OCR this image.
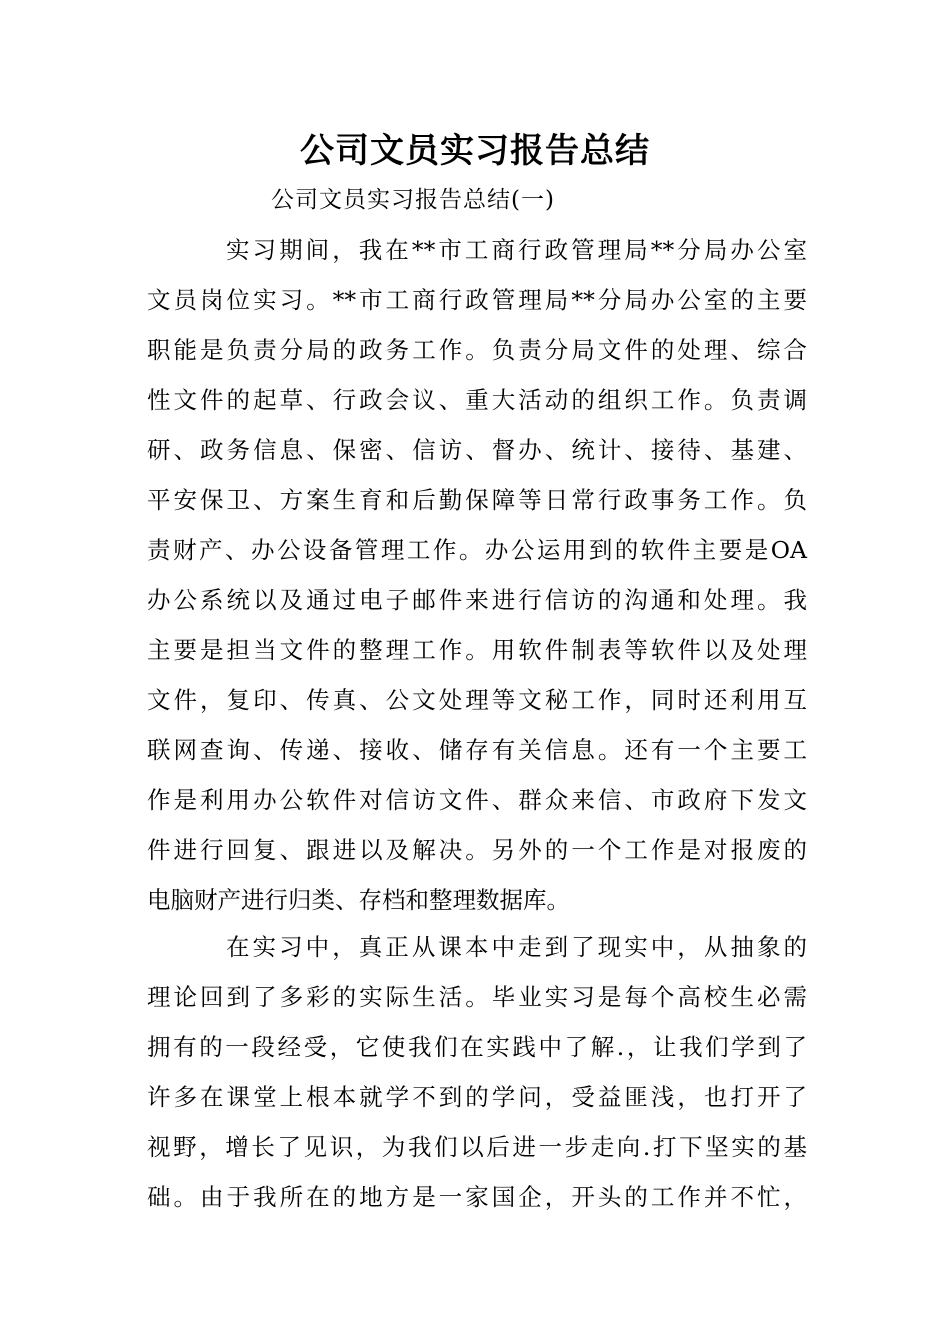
公司文员实习报告总结
公司文员实习报告总结(一)
实习期间，我在**市工商行政管理局**分局办公室
文员岗位实习。**市工商行政管理局**分局办公室的主要
职能是负责分局的政务工作。负责分局文件的处理、综合
性文件的起草、行政会议、重大活动的组织工作。负责调
研、政务信息、保密、信访、督办、统计、接待、基建、
平安保卫、方案生育和后勤保障等日常行政事务工作。负
责财产、办公设备管理工作。办公运用到的软件主要是OA
办公系统以及通过电子邮件来进行信访的沟通和处理。我
主要是担当文件的整理工作。用软件制表等软件以及处理
文件，复印、传真、公文处理等文秘工作，同时还利用互
联网查询、传递、接收、储存有关信息。还有一个主要工
作是利用办公软件对信访文件、群众来信、市政府下发文
件进行回复、跟进以及解决。另外的一个工作是对报废的
电脑财产进行归类、存档和整理数据库。
在实习中，真正从课本中走到了现实中，从抽象的
理论回到了多彩的实际生活。毕业实习是每个高校生必需
拥有的一段经受，它使我们在实践中了解.，让我们学到了
许多在课堂上根本就学不到的学问，受益匪浅，也打开了
视野，增长了见识，为我们以后进一步走向.打下坚实的基
础。由于我所在的地方是一家国企，开头的工作并不忙，
